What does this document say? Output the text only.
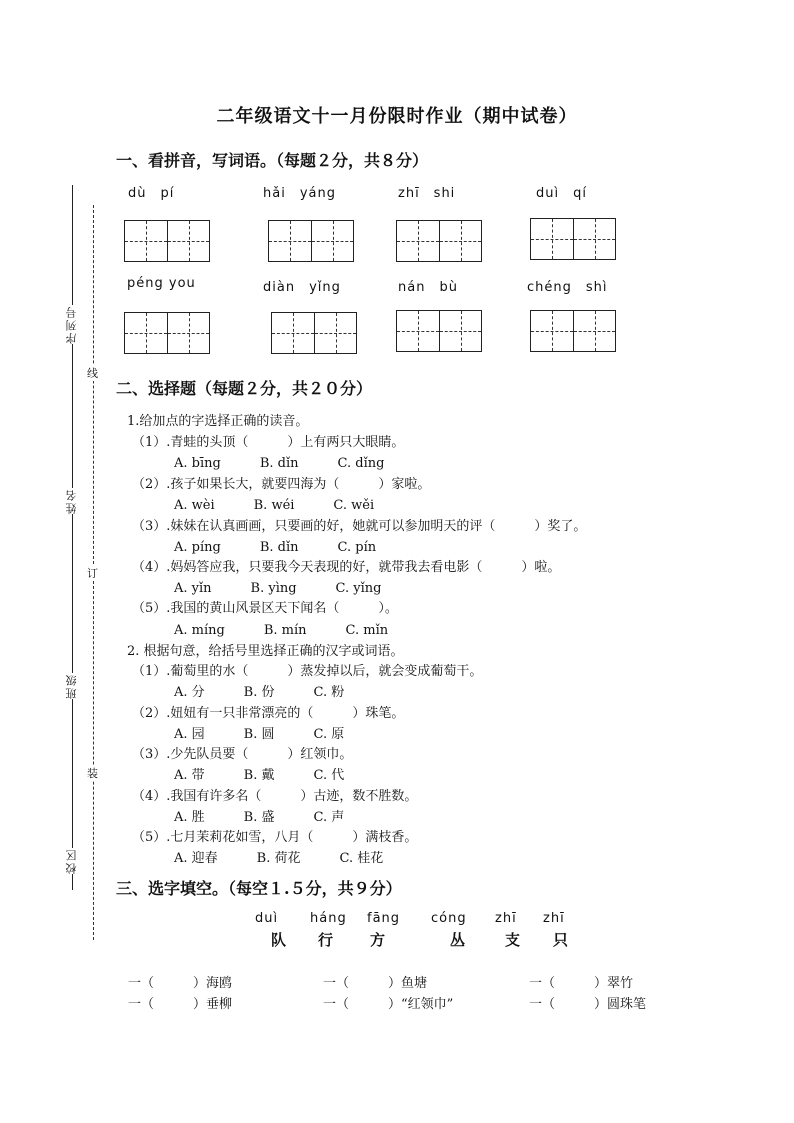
二年级语文十一月份限时作业（期中试卷）
序列号
姓名
班级
校区
线
订
装
一、看拼音，写词语。（每题２分，共８分）
dù　pí	hǎi　yáng	zhī　shi	duì　qí
péng you	diàn　yǐng	nán　bù	chéng　shì
二、选择题（每题２分，共２０分）
1.给加点的字选择正确的读音。
（1）.青蛙的头顶（　　　）上有两只大眼睛。
A. bīng　　　B. dǐn　　　C. dǐng
（2）.孩子如果长大，就要四海为（　　　）家啦。
A. wèi　　　B. wéi　　　C. wěi
（3）.妹妹在认真画画，只要画的好，她就可以参加明天的评（　　　）奖了。
A. píng　　　B. dǐn　　　C. pín
（4）.妈妈答应我，只要我今天表现的好，就带我去看电影（　　　）啦。
A. yǐn　　　B. yìng　　　C. yǐng
（5）.我国的黄山风景区天下闻名（　　　）。
A. míng　　　B. mín　　　C. mǐn
2. 根据句意，给括号里选择正确的汉字或词语。
（1）.葡萄里的水（　　　）蒸发掉以后，就会变成葡萄干。
A. 分　　　B. 份　　　C. 粉
（2）.妞妞有一只非常漂亮的（　　　）珠笔。
A. 园　　　B. 圆　　　C. 原
（3）.少先队员要（　　　）红领巾。
A. 带　　　B. 戴　　　C. 代
（4）.我国有许多名（　　　）古迹，数不胜数。
A. 胜　　　B. 盛　　　C. 声
（5）.七月茉莉花如雪，八月（　　　）满枝香。
A. 迎春　　　B. 荷花　　　C. 桂花
三、选字填空。（每空１.５分，共９分）
duì háng fāng cóng zhī zhī
队 行 方	丛	支 只
一（　　　）海鸥	一（　　　）鱼塘	一（　　　）翠竹
一（　　　）垂柳	一（　　　）“红领巾”	一（　　　）圆珠笔
